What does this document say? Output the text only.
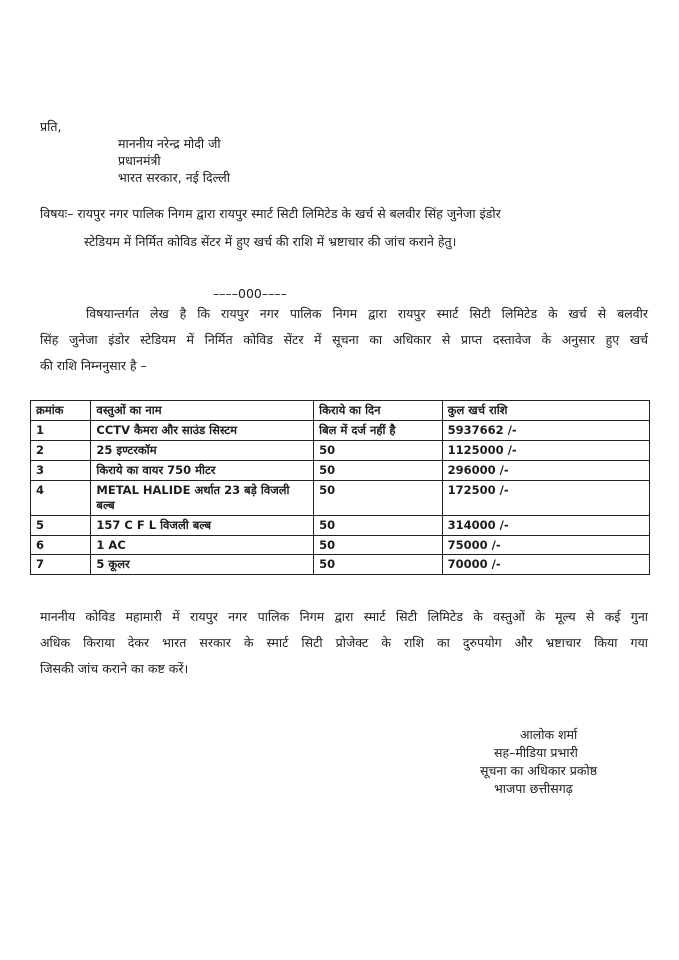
प्रति,
माननीय नरेन्द्र मोदी जी
प्रधानमंत्री
भारत सरकार, नई दिल्ली
विषयः– रायपुर नगर पालिक निगम द्वारा रायपुर स्मार्ट सिटी लिमिटेड के खर्च से बलवीर सिंह जुनेजा इंडोर
स्टेडियम में निर्मित कोविड सेंटर में हुए खर्च की राशि में भ्रष्टाचार की जांच कराने हेतु।
––––000––––
विषयान्तर्गत लेख है कि रायपुर नगर पालिक निगम द्वारा रायपुर स्मार्ट सिटी लिमिटेड के खर्च से बलवीर
सिंह जुनेजा इंडोर स्टेडियम में निर्मित कोविड सेंटर में सूचना का अधिकार से प्राप्त दस्तावेज के अनुसार हुए खर्च
की राशि निम्ननुसार है –
क्रमांक	वस्तुओं का नाम	किराये का दिन	कुल खर्च राशि
1	CCTV कैमरा और साउंड सिस्टम	बिल में दर्ज नहीं है	5937662 /-
2	25 इण्टरकॉम	50	1125000 /-
3	किराये का वायर 750 मीटर	50	296000 /-
4	METAL HALIDE अर्थात 23 बड़े विजली बल्ब	50	172500 /-
5	157 C F L विजली बल्ब	50	314000 /-
6	1 AC	50	75000 /-
7	5 कूलर	50	70000 /-
माननीय कोविड महामारी में रायपुर नगर पालिक निगम द्वारा स्मार्ट सिटी लिमिटेड के वस्तुओं के मूल्य से कई गुना
अधिक किराया देकर भारत सरकार के स्मार्ट सिटी प्रोजेक्ट के राशि का दुरुपयोग और भ्रष्टाचार किया गया
जिसकी जांच कराने का कष्ट करें।
आलोक शर्मा
सह–मीडिया प्रभारी
सूचना का अधिकार प्रकोष्ठ
भाजपा छत्तीसगढ़
